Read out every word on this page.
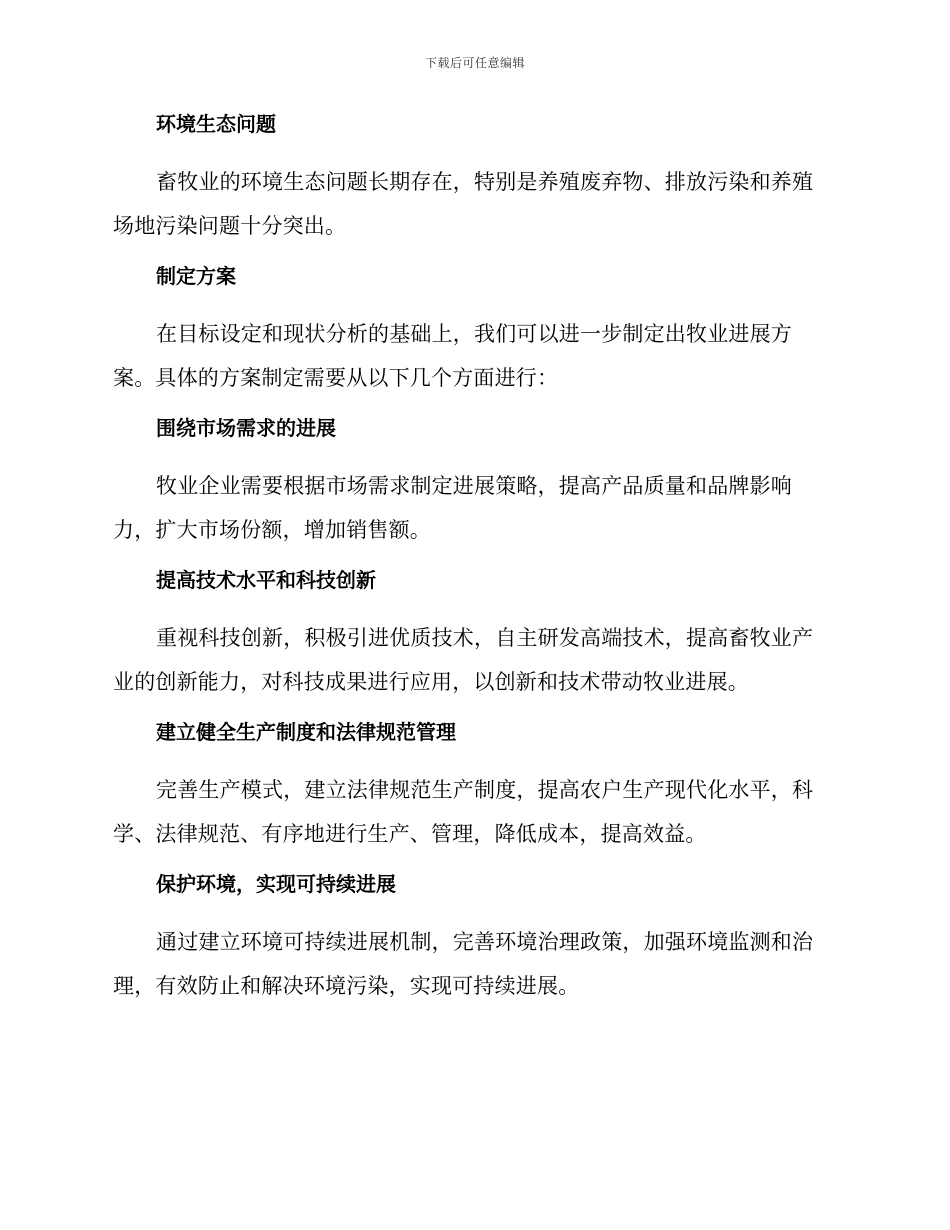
下载后可任意编辑
环境生态问题

畜牧业的环境生态问题长期存在，特别是养殖废弃物、排放污染和养殖场地污染问题十分突出。

制定方案

在目标设定和现状分析的基础上，我们可以进一步制定出牧业进展方案。具体的方案制定需要从以下几个方面进行：

围绕市场需求的进展

牧业企业需要根据市场需求制定进展策略，提高产品质量和品牌影响力，扩大市场份额，增加销售额。

提高技术水平和科技创新

重视科技创新，积极引进优质技术，自主研发高端技术，提高畜牧业产业的创新能力，对科技成果进行应用，以创新和技术带动牧业进展。

建立健全生产制度和法律规范管理

完善生产模式，建立法律规范生产制度，提高农户生产现代化水平，科学、法律规范、有序地进行生产、管理，降低成本，提高效益。

保护环境，实现可持续进展

通过建立环境可持续进展机制，完善环境治理政策，加强环境监测和治理，有效防止和解决环境污染，实现可持续进展。
